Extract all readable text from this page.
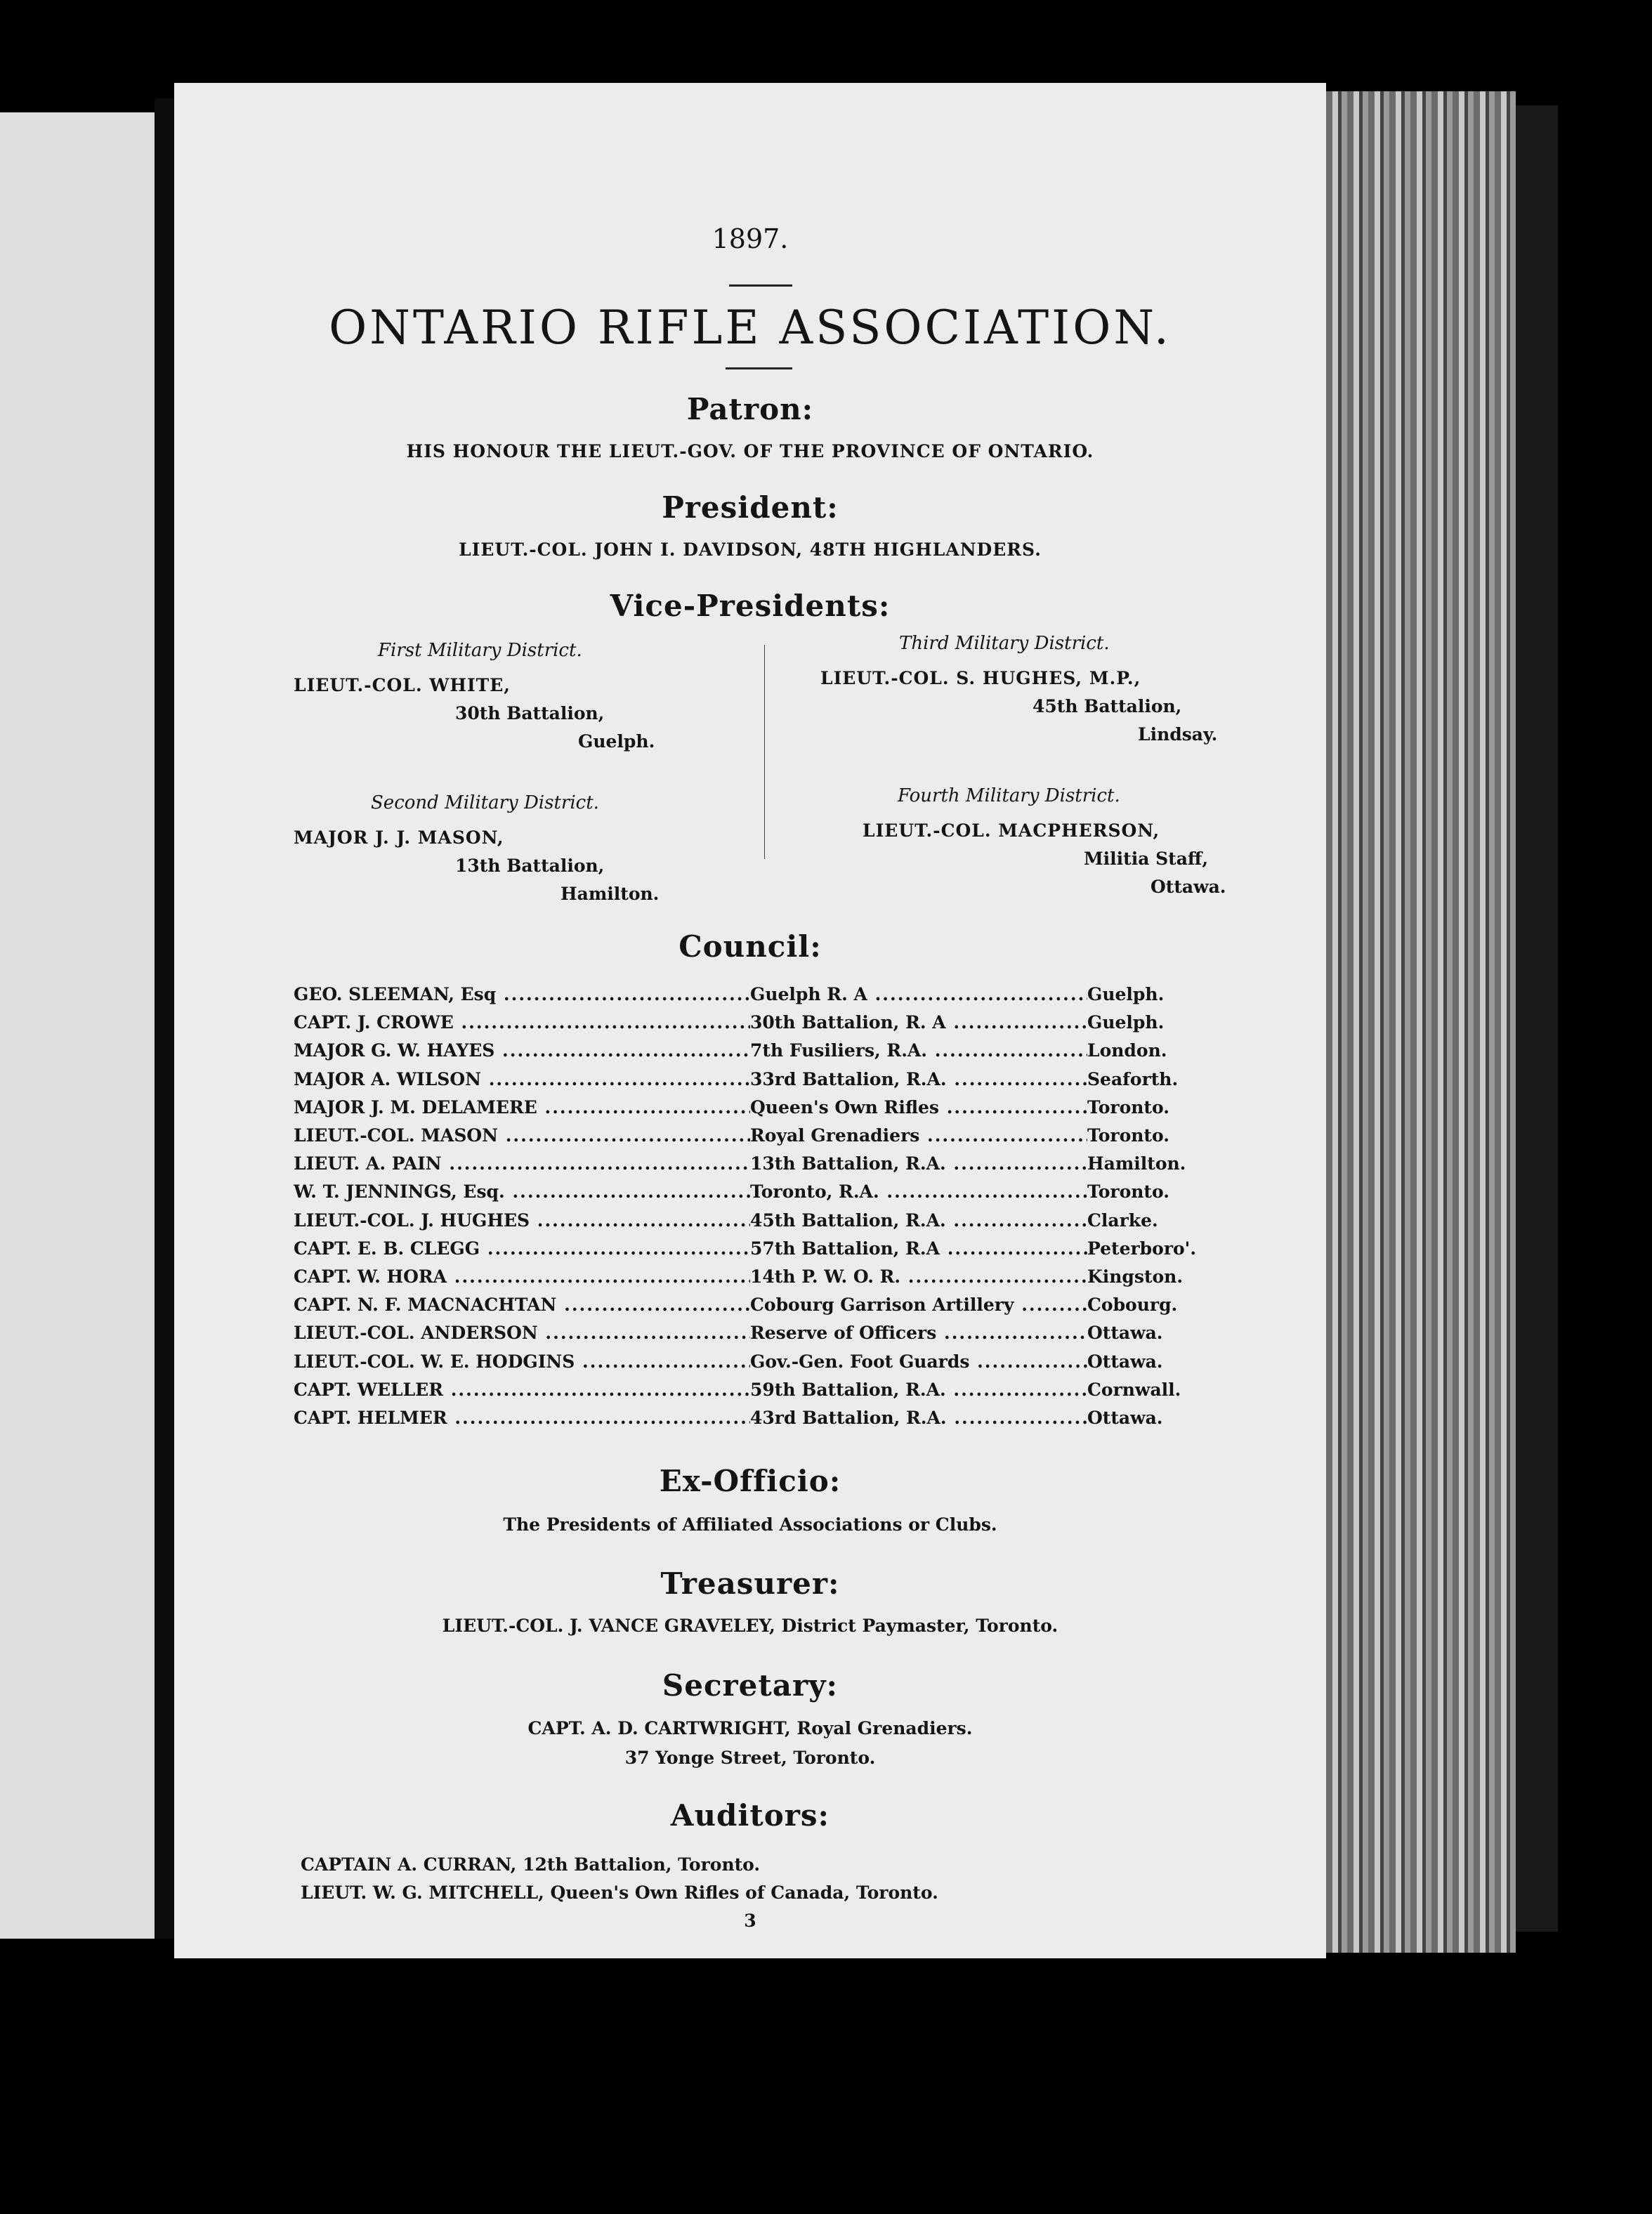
1897.
ONTARIO RIFLE ASSOCIATION.
Patron:
HIS HONOUR THE LIEUT.-GOV. OF THE PROVINCE OF ONTARIO.
President:
LIEUT.-COL. JOHN I. DAVIDSON, 48TH HIGHLANDERS.
Vice-Presidents:
First Military District.
LIEUT.-COL. WHITE,
30th Battalion,
Guelph.
Third Military District.
LIEUT.-COL. S. HUGHES, M.P.,
45th Battalion,
Lindsay.
Second Military District.
MAJOR J. J. MASON,
13th Battalion,
Hamilton.
Fourth Military District.
LIEUT.-COL. MACPHERSON,
Militia Staff,
Ottawa.
Council:
GEO. SLEEMAN, Esq .....	Guelph R. A .....	Guelph.
CAPT. J. CROWE .....	30th Battalion, R. A .....	Guelph.
MAJOR G. W. HAYES .....	7th Fusiliers, R.A. .....	London.
MAJOR A. WILSON .....	33rd Battalion, R.A. .....	Seaforth.
MAJOR J. M. DELAMERE .....	Queen's Own Rifles .....	Toronto.
LIEUT.-COL. MASON .....	Royal Grenadiers .....	Toronto.
LIEUT. A. PAIN .....	13th Battalion, R.A. .....	Hamilton.
W. T. JENNINGS, Esq. .....	Toronto, R.A. .....	Toronto.
LIEUT.-COL. J. HUGHES .....	45th Battalion, R.A. .....	Clarke.
CAPT. E. B. CLEGG .....	57th Battalion, R.A .....	Peterboro'.
CAPT. W. HORA .....	14th P. W. O. R. .....	Kingston.
CAPT. N. F. MACNACHTAN .....	Cobourg Garrison Artillery .....	Cobourg.
LIEUT.-COL. ANDERSON .....	Reserve of Officers .....	Ottawa.
LIEUT.-COL. W. E. HODGINS .....	Gov.-Gen. Foot Guards .....	Ottawa.
CAPT. WELLER .....	59th Battalion, R.A. .....	Cornwall.
CAPT. HELMER .....	43rd Battalion, R.A. .....	Ottawa.
Ex-Officio:
The Presidents of Affiliated Associations or Clubs.
Treasurer:
LIEUT.-COL. J. VANCE GRAVELEY, District Paymaster, Toronto.
Secretary:
CAPT. A. D. CARTWRIGHT, Royal Grenadiers.
37 Yonge Street, Toronto.
Auditors:
CAPTAIN A. CURRAN, 12th Battalion, Toronto.
LIEUT. W. G. MITCHELL, Queen's Own Rifles of Canada, Toronto.
3
